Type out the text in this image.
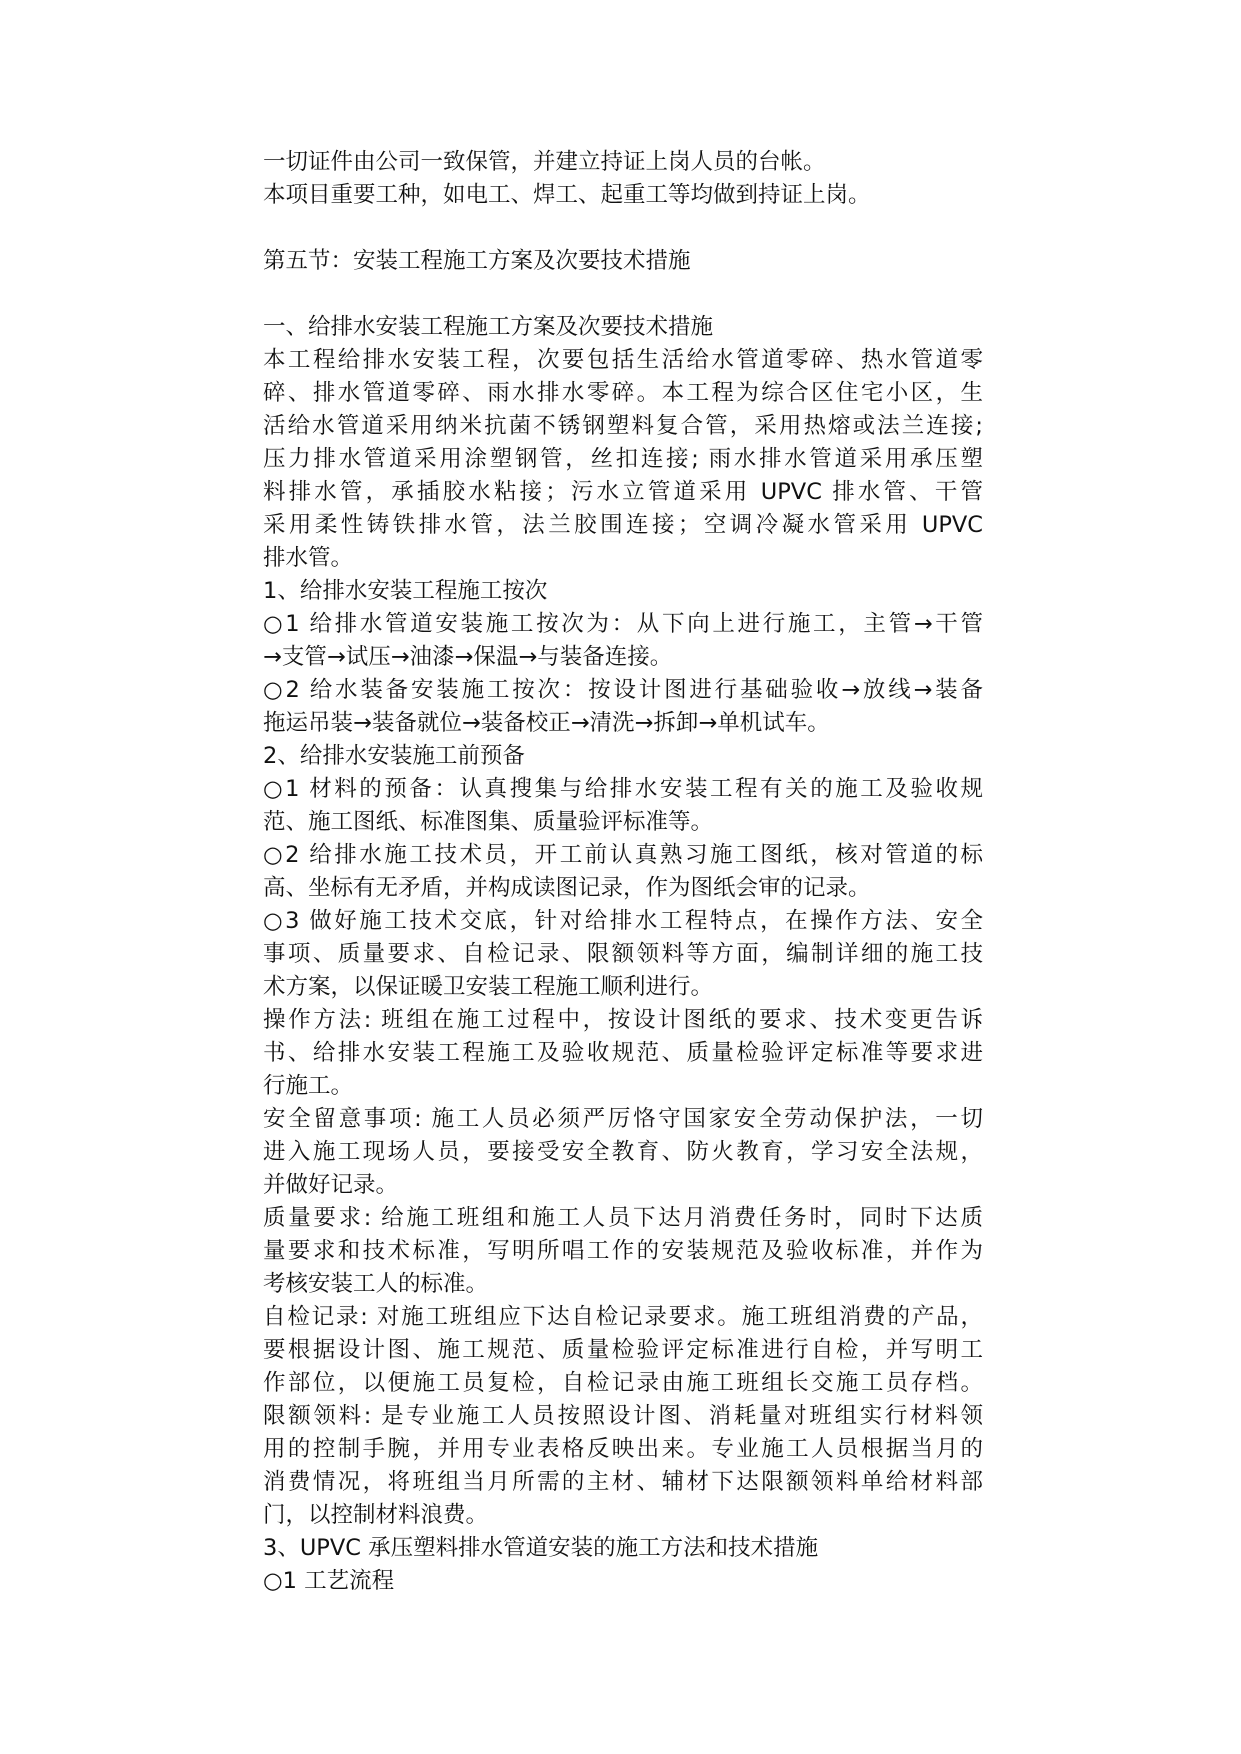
一切证件由公司一致保管，并建立持证上岗人员的台帐。
本项目重要工种，如电工、焊工、起重工等均做到持证上岗。
第五节：安装工程施工方案及次要技术措施
一、给排水安装工程施工方案及次要技术措施
本工程给排水安装工程，次要包括生活给水管道零碎、热水管道零
碎、排水管道零碎、雨水排水零碎。本工程为综合区住宅小区，生
活给水管道采用纳米抗菌不锈钢塑料复合管，采用热熔或法兰连接;
压力排水管道采用涂塑钢管，丝扣连接; 雨水排水管道采用承压塑
料排水管，承插胶水粘接；污水立管道采用 UPVC 排水管、干管
采用柔性铸铁排水管，法兰胶围连接；空调冷凝水管采用 UPVC
排水管。
1、给排水安装工程施工按次
○1 给排水管道安装施工按次为：从下向上进行施工，主管→干管
→支管→试压→油漆→保温→与装备连接。
○2 给水装备安装施工按次：按设计图进行基础验收→放线→装备
拖运吊装→装备就位→装备校正→清洗→拆卸→单机试车。
2、给排水安装施工前预备
○1 材料的预备：认真搜集与给排水安装工程有关的施工及验收规
范、施工图纸、标准图集、质量验评标准等。
○2 给排水施工技术员，开工前认真熟习施工图纸，核对管道的标
高、坐标有无矛盾，并构成读图记录，作为图纸会审的记录。
○3 做好施工技术交底，针对给排水工程特点，在操作方法、安全
事项、质量要求、自检记录、限额领料等方面，编制详细的施工技
术方案，以保证暖卫安装工程施工顺利进行。
操作方法: 班组在施工过程中，按设计图纸的要求、技术变更告诉
书、给排水安装工程施工及验收规范、质量检验评定标准等要求进
行施工。
安全留意事项: 施工人员必须严厉恪守国家安全劳动保护法，一切
进入施工现场人员，要接受安全教育、防火教育，学习安全法规，
并做好记录。
质量要求: 给施工班组和施工人员下达月消费任务时，同时下达质
量要求和技术标准，写明所唱工作的安装规范及验收标准，并作为
考核安装工人的标准。
自检记录: 对施工班组应下达自检记录要求。施工班组消费的产品，
要根据设计图、施工规范、质量检验评定标准进行自检，并写明工
作部位，以便施工员复检，自检记录由施工班组长交施工员存档。
限额领料: 是专业施工人员按照设计图、消耗量对班组实行材料领
用的控制手腕，并用专业表格反映出来。专业施工人员根据当月的
消费情况，将班组当月所需的主材、辅材下达限额领料单给材料部
门，以控制材料浪费。
3、UPVC 承压塑料排水管道安装的施工方法和技术措施
○1 工艺流程
